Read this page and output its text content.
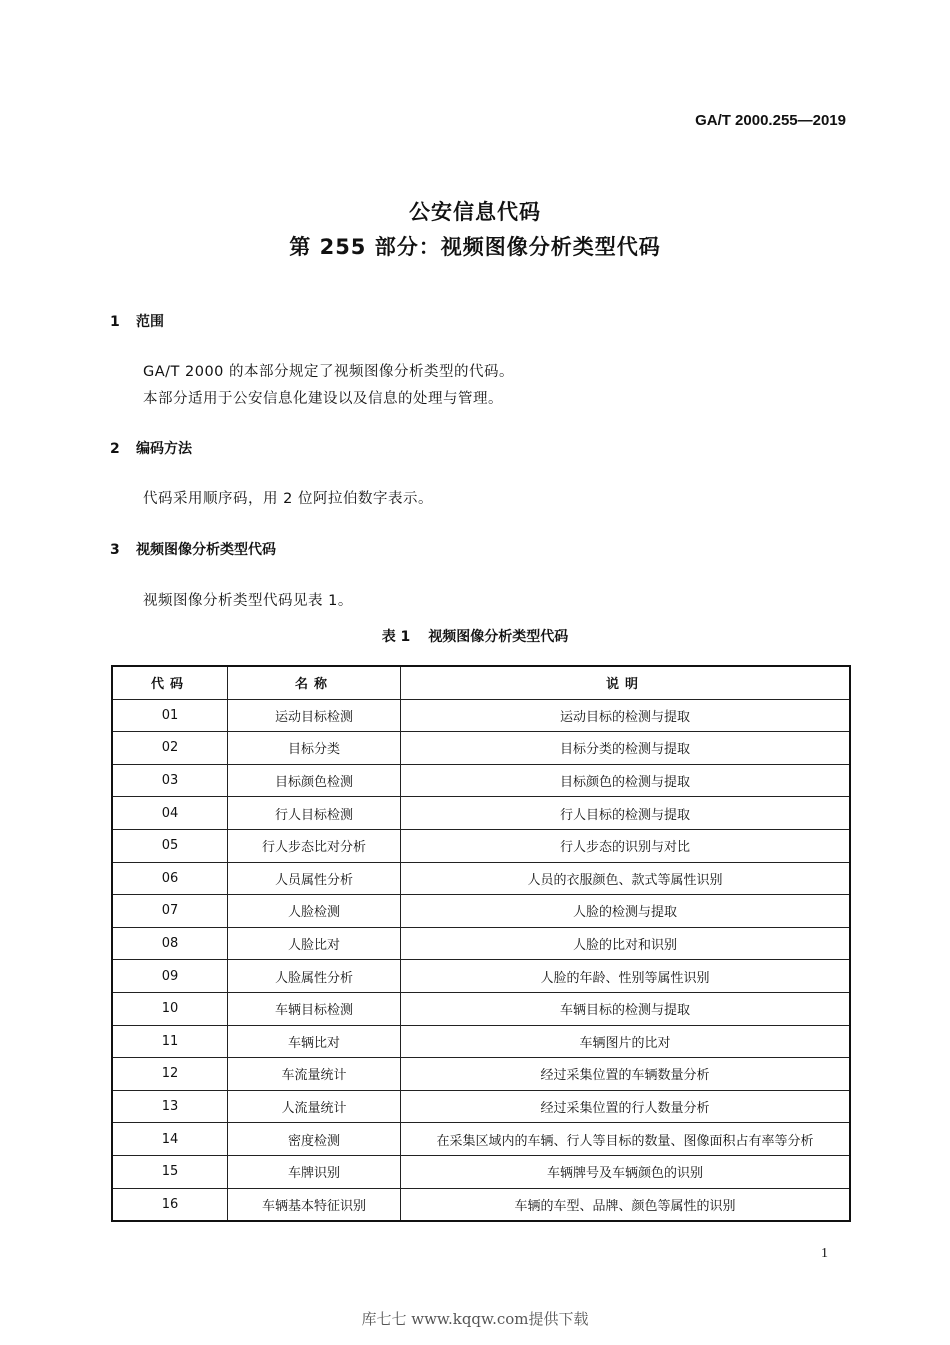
GA/T 2000.255—2019
公安信息代码
第 255 部分：视频图像分析类型代码
1 范围
GA/T 2000 的本部分规定了视频图像分析类型的代码。
本部分适用于公安信息化建设以及信息的处理与管理。
2 编码方法
代码采用顺序码，用 2 位阿拉伯数字表示。
3 视频图像分析类型代码
视频图像分析类型代码见表 1。
表 1 视频图像分析类型代码
代码	名称	说明
01	运动目标检测	运动目标的检测与提取
02	目标分类	目标分类的检测与提取
03	目标颜色检测	目标颜色的检测与提取
04	行人目标检测	行人目标的检测与提取
05	行人步态比对分析	行人步态的识别与对比
06	人员属性分析	人员的衣服颜色、款式等属性识别
07	人脸检测	人脸的检测与提取
08	人脸比对	人脸的比对和识别
09	人脸属性分析	人脸的年龄、性别等属性识别
10	车辆目标检测	车辆目标的检测与提取
11	车辆比对	车辆图片的比对
12	车流量统计	经过采集位置的车辆数量分析
13	人流量统计	经过采集位置的行人数量分析
14	密度检测	在采集区域内的车辆、行人等目标的数量、图像面积占有率等分析
15	车牌识别	车辆牌号及车辆颜色的识别
16	车辆基本特征识别	车辆的车型、品牌、颜色等属性的识别
1
库七七 www.kqqw.com提供下载
